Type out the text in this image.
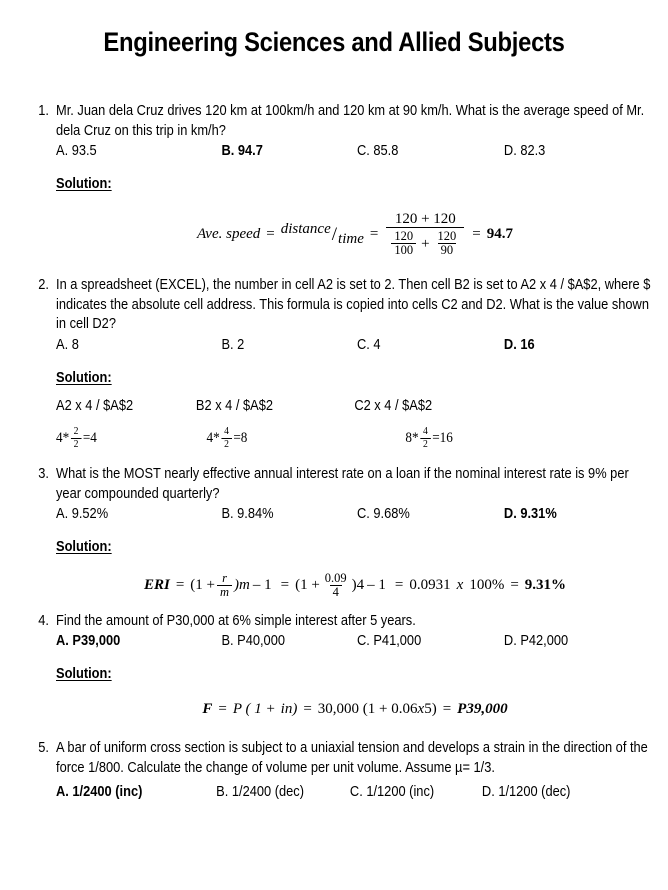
Engineering Sciences and Allied Subjects
1. Mr. Juan dela Cruz drives 120 km at 100km/h and 120 km at 90 km/h. What is the average speed of Mr. dela Cruz on this trip in km/h?
A. 93.5	B. 94.7	C. 85.8	D. 82.3
Solution:
Ave. speed = distance / time =
120 + 120
$\frac{120}{100} + \frac{120}{90} = 94.7$
2. In a spreadsheet (EXCEL), the number in cell A2 is set to 2. Then cell B2 is set to A2 x 4 / $A$2, where $ indicates the absolute cell address. This formula is copied into cells C2 and D2. What is the value shown in cell D2?
A. 8	B. 2	C. 4	D. 16
Solution:
A2 x 4 / $A$2	B2 x 4 / $A$2	C2 x 4 / $A$2
$4 * \frac{2}{2} = 4$	$4 * \frac{4}{2} = 8$	$8 * \frac{4}{2} = 16$
3. What is the MOST nearly effective annual interest rate on a loan if the nominal interest rate is 9% per year compounded quarterly?
A. 9.52%	B. 9.84%	C. 9.68%	D. 9.31%
Solution:
ERI = $(1 + \frac{r}{m} )m - 1 = (1 + \frac{0.09}{4} )4 - 1 = 0.0931$ x 100% = 9.31%
4. Find the amount of P30,000 at 6% simple interest after 5 years.
A. P39,000	B. P40,000	C. P41,000	D. P42,000
Solution:
F = P ( 1 + in ) = 30,000 (1 + 0.06 x 5) = P39,000
5. A bar of uniform cross section is subject to a uniaxial tension and develops a strain in the direction of the force 1/800. Calculate the change of volume per unit volume. Assume µ= 1/3.
A. 1/2400 (inc)	B. 1/2400 (dec)	C. 1/1200 (inc)	D. 1/1200 (dec)
